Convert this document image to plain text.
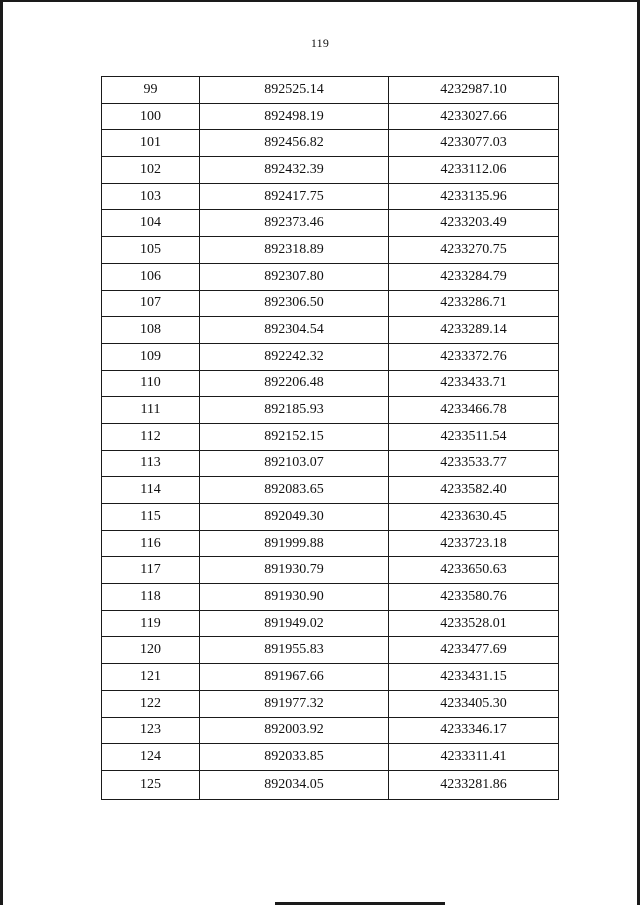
119
99	892525.14	4232987.10
100	892498.19	4233027.66
101	892456.82	4233077.03
102	892432.39	4233112.06
103	892417.75	4233135.96
104	892373.46	4233203.49
105	892318.89	4233270.75
106	892307.80	4233284.79
107	892306.50	4233286.71
108	892304.54	4233289.14
109	892242.32	4233372.76
110	892206.48	4233433.71
111	892185.93	4233466.78
112	892152.15	4233511.54
113	892103.07	4233533.77
114	892083.65	4233582.40
115	892049.30	4233630.45
116	891999.88	4233723.18
117	891930.79	4233650.63
118	891930.90	4233580.76
119	891949.02	4233528.01
120	891955.83	4233477.69
121	891967.66	4233431.15
122	891977.32	4233405.30
123	892003.92	4233346.17
124	892033.85	4233311.41
125	892034.05	4233281.86
